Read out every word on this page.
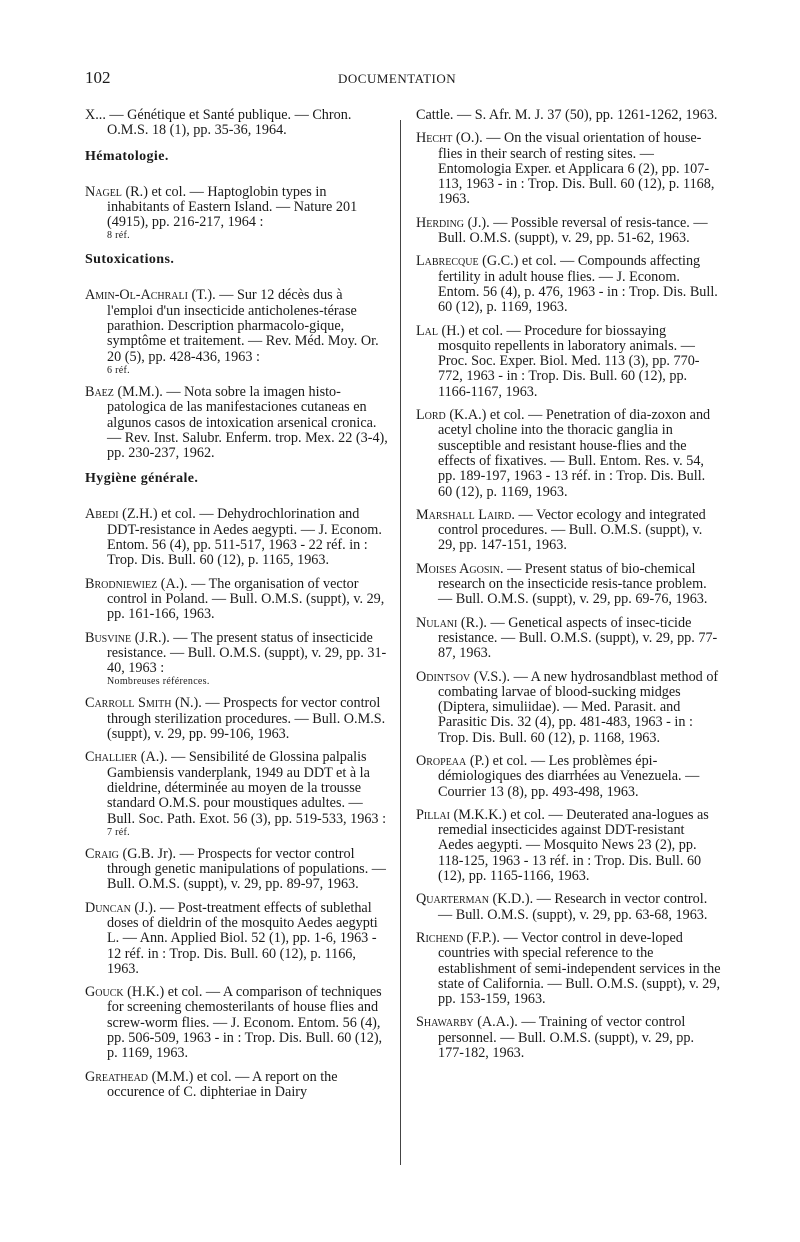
102	DOCUMENTATION
X... — Génétique et Santé publique. — Chron. O.M.S. 18 (1), pp. 35-36, 1964.
Hématologie.
Nagel (R.) et col. — Haptoglobin types in inhabitants of Eastern Island. — Nature 201 (4915), pp. 216-217, 1964 :
8 réf.
Sutoxications.
Amin-Ol-Achrali (T.). — Sur 12 décès dus à l'emploi d'un insecticide anticholenes-térase parathion. Description pharmacolo-gique, symptôme et traitement. — Rev. Méd. Moy. Or. 20 (5), pp. 428-436, 1963 :
6 réf.
Baez (M.M.). — Nota sobre la imagen histo-patologica de las manifestaciones cutaneas en algunos casos de intoxication arsenical cronica. — Rev. Inst. Salubr. Enferm. trop. Mex. 22 (3-4), pp. 230-237, 1962.
Hygiène générale.
Abedi (Z.H.) et col. — Dehydrochlorination and DDT-resistance in Aedes aegypti. — J. Econom. Entom. 56 (4), pp. 511-517, 1963 - 22 réf. in : Trop. Dis. Bull. 60 (12), p. 1165, 1963.
Brodniewiez (A.). — The organisation of vector control in Poland. — Bull. O.M.S. (suppt), v. 29, pp. 161-166, 1963.
Busvine (J.R.). — The present status of insecticide resistance. — Bull. O.M.S. (suppt), v. 29, pp. 31-40, 1963 :
Nombreuses références.
Carroll Smith (N.). — Prospects for vector control through sterilization procedures. — Bull. O.M.S. (suppt), v. 29, pp. 99-106, 1963.
Challier (A.). — Sensibilité de Glossina palpalis Gambiensis vanderplank, 1949 au DDT et à la dieldrine, déterminée au moyen de la trousse standard O.M.S. pour moustiques adultes. — Bull. Soc. Path. Exot. 56 (3), pp. 519-533, 1963 :
7 réf.
Craig (G.B. Jr). — Prospects for vector control through genetic manipulations of populations. — Bull. O.M.S. (suppt), v. 29, pp. 89-97, 1963.
Duncan (J.). — Post-treatment effects of sublethal doses of dieldrin of the mosquito Aedes aegypti L. — Ann. Applied Biol. 52 (1), pp. 1-6, 1963 - 12 réf. in : Trop. Dis. Bull. 60 (12), p. 1166, 1963.
Gouck (H.K.) et col. — A comparison of techniques for screening chemosterilants of house flies and screw-worm flies. — J. Econom. Entom. 56 (4), pp. 506-509, 1963 - in : Trop. Dis. Bull. 60 (12), p. 1169, 1963.
Greathead (M.M.) et col. — A report on the occurence of C. diphteriae in Dairy
Cattle. — S. Afr. M. J. 37 (50), pp. 1261-1262, 1963.
Hecht (O.). — On the visual orientation of house-flies in their search of resting sites. — Entomologia Exper. et Applicara 6 (2), pp. 107-113, 1963 - in : Trop. Dis. Bull. 60 (12), p. 1168, 1963.
Herding (J.). — Possible reversal of resis-tance. — Bull. O.M.S. (suppt), v. 29, pp. 51-62, 1963.
Labrecque (G.C.) et col. — Compounds affecting fertility in adult house flies. — J. Econom. Entom. 56 (4), p. 476, 1963 - in : Trop. Dis. Bull. 60 (12), p. 1169, 1963.
Lal (H.) et col. — Procedure for biossaying mosquito repellents in laboratory animals. — Proc. Soc. Exper. Biol. Med. 113 (3), pp. 770-772, 1963 - in : Trop. Dis. Bull. 60 (12), pp. 1166-1167, 1963.
Lord (K.A.) et col. — Penetration of dia-zoxon and acetyl choline into the thoracic ganglia in susceptible and resistant house-flies and the effects of fixatives. — Bull. Entom. Res. v. 54, pp. 189-197, 1963 - 13 réf. in : Trop. Dis. Bull. 60 (12), p. 1169, 1963.
Marshall Laird. — Vector ecology and integrated control procedures. — Bull. O.M.S. (suppt), v. 29, pp. 147-151, 1963.
Moises Agosin. — Present status of bio-chemical research on the insecticide resis-tance problem. — Bull. O.M.S. (suppt), v. 29, pp. 69-76, 1963.
Nulani (R.). — Genetical aspects of insec-ticide resistance. — Bull. O.M.S. (suppt), v. 29, pp. 77-87, 1963.
Odintsov (V.S.). — A new hydrosandblast method of combating larvae of blood-sucking midges (Diptera, simuliidae). — Med. Parasit. and Parasitic Dis. 32 (4), pp. 481-483, 1963 - in : Trop. Dis. Bull. 60 (12), p. 1168, 1963.
Oropeaa (P.) et col. — Les problèmes épi-démiologiques des diarrhées au Venezuela. — Courrier 13 (8), pp. 493-498, 1963.
Pillai (M.K.K.) et col. — Deuterated ana-logues as remedial insecticides against DDT-resistant Aedes aegypti. — Mosquito News 23 (2), pp. 118-125, 1963 - 13 réf. in : Trop. Dis. Bull. 60 (12), pp. 1165-1166, 1963.
Quarterman (K.D.). — Research in vector control. — Bull. O.M.S. (suppt), v. 29, pp. 63-68, 1963.
Richend (F.P.). — Vector control in deve-loped countries with special reference to the establishment of semi-independent services in the state of California. — Bull. O.M.S. (suppt), v. 29, pp. 153-159, 1963.
Shawarby (A.A.). — Training of vector control personnel. — Bull. O.M.S. (suppt), v. 29, pp. 177-182, 1963.
